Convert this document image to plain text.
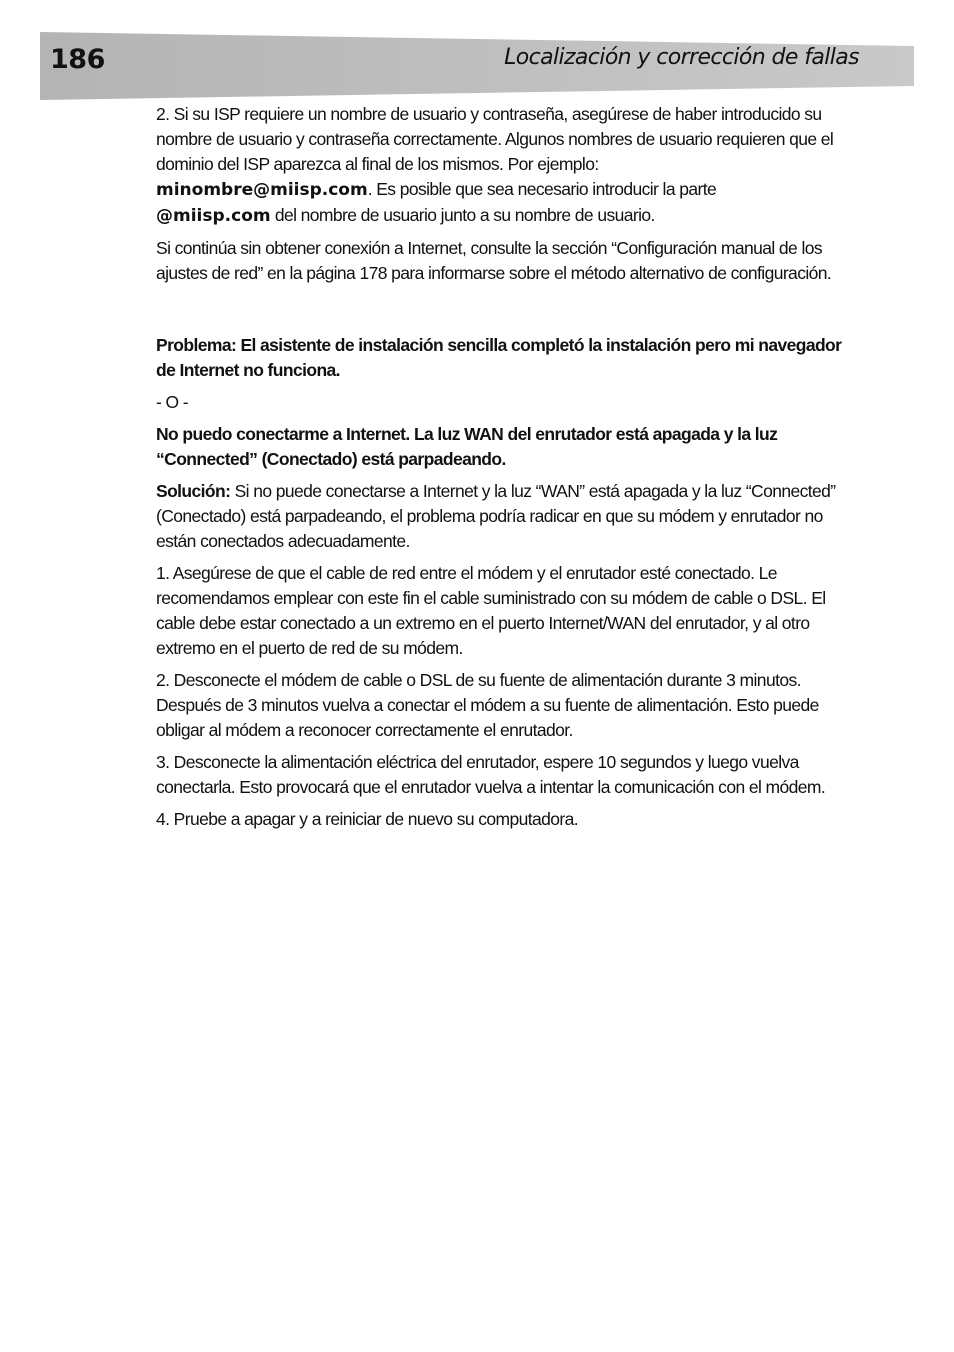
186	Localización y corrección de fallas

2. Si su ISP requiere un nombre de usuario y contraseña, asegúrese de haber introducido su nombre de usuario y contraseña correctamente. Algunos nombres de usuario requieren que el dominio del ISP aparezca al final de los mismos. Por ejemplo:
minombre@miisp.com. Es posible que sea necesario introducir la parte
@miisp.com del nombre de usuario junto a su nombre de usuario.

Si continúa sin obtener conexión a Internet, consulte la sección “Configuración manual de los ajustes de red” en la página 178 para informarse sobre el método alternativo de configuración.

Problema: El asistente de instalación sencilla completó la instalación pero mi navegador de Internet no funciona.

- O -

No puedo conectarme a Internet. La luz WAN del enrutador está apagada y la luz “Connected” (Conectado) está parpadeando.

Solución: Si no puede conectarse a Internet y la luz “WAN” está apagada y la luz “Connected” (Conectado) está parpadeando, el problema podría radicar en que su módem y enrutador no están conectados adecuadamente.

1. Asegúrese de que el cable de red entre el módem y el enrutador esté conectado. Le recomendamos emplear con este fin el cable suministrado con su módem de cable o DSL. El cable debe estar conectado a un extremo en el puerto Internet/WAN del enrutador, y al otro extremo en el puerto de red de su módem.

2. Desconecte el módem de cable o DSL de su fuente de alimentación durante 3 minutos. Después de 3 minutos vuelva a conectar el módem a su fuente de alimentación. Esto puede obligar al módem a reconocer correctamente el enrutador.

3. Desconecte la alimentación eléctrica del enrutador, espere 10 segundos y luego vuelva conectarla. Esto provocará que el enrutador vuelva a intentar la comunicación con el módem.

4. Pruebe a apagar y a reiniciar de nuevo su computadora.
